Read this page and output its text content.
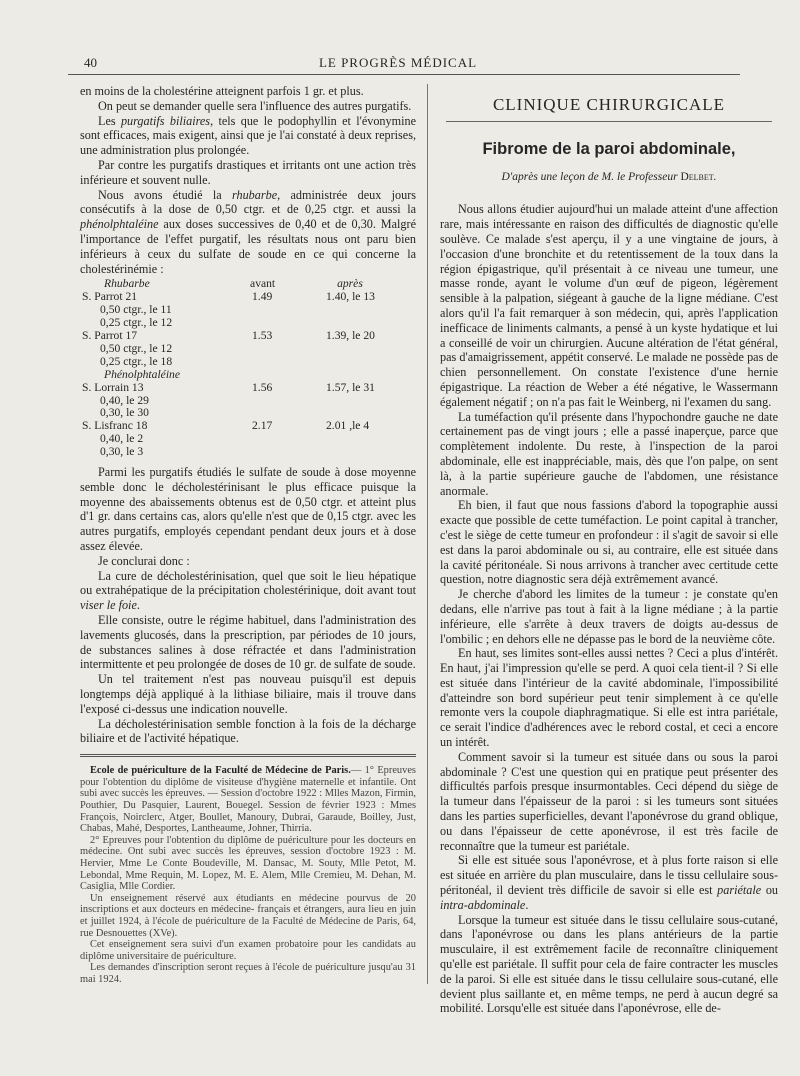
40	LE PROGRÈS MÉDICAL

en moins de la cholestérine atteignent parfois 1 gr. et plus.

On peut se demander quelle sera l'influence des autres purgatifs.

Les purgatifs biliaires, tels que le podophyllin et l'évonymine sont efficaces, mais exigent, ainsi que je l'ai constaté à deux reprises, une administration plus prolongée.

Par contre les purgatifs drastiques et irritants ont une action très inférieure et souvent nulle.

Nous avons étudié la rhubarbe, administrée deux jours consécutifs à la dose de 0,50 ctgr. et de 0,25 ctgr. et aussi la phénolphtaléine aux doses successives de 0,40 et de 0,30. Malgré l'importance de l'effet purgatif, les résultats nous ont paru bien inférieurs à ceux du sulfate de soude en ce qui concerne la cholestérinémie :

Rhubarbe	avant	après
S. Parrot 21	1.49	1.40, le 13
0,50 ctgr., le 11
0,25 ctgr., le 12
S. Parrot 17	1.53	1.39, le 20
0,50 ctgr., le 12
0,25 ctgr., le 18
Phénolphtaléine
S. Lorrain 13	1.56	1.57, le 31
0,40, le 29
0,30, le 30
S. Lisfranc 18	2.17	2.01 ,le 4
0,40, le 2
0,30, le 3

Parmi les purgatifs étudiés le sulfate de soude à dose moyenne semble donc le décholestérinisant le plus efficace puisque la moyenne des abaissements obtenus est de 0,50 ctgr. et atteint plus d'1 gr. dans certains cas, alors qu'elle n'est que de 0,15 ctgr. avec les autres purgatifs, employés cependant pendant deux jours et à dose assez élevée.

Je conclurai donc :

La cure de décholestérinisation, quel que soit le lieu hépatique ou extrahépatique de la précipitation cholestérinique, doit avant tout viser le foie.

Elle consiste, outre le régime habituel, dans l'administration des lavements glucosés, dans la prescription, par périodes de 10 jours, de substances salines à dose réfractée et dans l'administration intermittente et peu prolongée de doses de 10 gr. de sulfate de soude.

Un tel traitement n'est pas nouveau puisqu'il est depuis longtemps déjà appliqué à la lithiase biliaire, mais il trouve dans l'exposé ci-dessus une indication nouvelle.

La décholestérinisation semble fonction à la fois de la décharge biliaire et de l'activité hépatique.

Ecole de puériculture de la Faculté de Médecine de Paris.— 1° Epreuves pour l'obtention du diplôme de visiteuse d'hygiène maternelle et infantile. Ont subi avec succès les épreuves. — Session d'octobre 1922 : Mlles Mazon, Firmin, Pouthier, Du Pasquier, Laurent, Bouegel. Session de février 1923 : Mmes François, Noirclerc, Atger, Boullet, Manoury, Dubrai, Garaude, Boilley, Just, Chabas, Mahé, Desportes, Lantheaume, Johner, Thirria.

2° Epreuves pour l'obtention du diplôme de puériculture pour les docteurs en médecine. Ont subi avec succès les épreuves, session d'octobre 1923 : M. Hervier, Mme Le Conte Boudeville, M. Dansac, M. Souty, Mlle Petot, M. Lebondal, Mme Requin, M. Lopez, M. E. Alem, Mlle Cremieu, M. Dehan, M. Casiglia, Mlle Cordier.

Un enseignement réservé aux étudiants en médecine pourvus de 20 inscriptions et aux docteurs en médecine- français et étrangers, aura lieu en juin et juillet 1924, à l'école de puériculture de la Faculté de Médecine de Paris, 64, rue Desnouettes (XVe).

Cet enseignement sera suivi d'un examen probatoire pour les candidats au diplôme universitaire de puériculture.

Les demandes d'inscription seront reçues à l'école de puériculture jusqu'au 31 mai 1924.

CLINIQUE CHIRURGICALE
Fibrome de la paroi abdominale,
D'après une leçon de M. le Professeur Delbet.

Nous allons étudier aujourd'hui un malade atteint d'une affection rare, mais intéressante en raison des difficultés de diagnostic qu'elle soulève. Ce malade s'est aperçu, il y a une vingtaine de jours, à l'occasion d'une bronchite et du retentissement de la toux dans la région épigastrique, qu'il présentait à ce niveau une tumeur, une masse ronde, ayant le volume d'un œuf de pigeon, légèrement sensible à la palpation, siégeant à gauche de la ligne médiane. C'est alors qu'il l'a fait remarquer à son médecin, qui, après l'application inefficace de liniments calmants, a pensé à un kyste hydatique et lui a conseillé de voir un chirurgien. Aucune altération de l'état général, pas d'amaigrissement, appétit conservé. Le malade ne possède pas de chien personnellement. On constate l'existence d'une hernie épigastrique. La réaction de Weber a été négative, le Wassermann également négatif ; on n'a pas fait le Weinberg, ni l'examen du sang.

La tuméfaction qu'il présente dans l'hypochondre gauche ne date certainement pas de vingt jours ; elle a passé inaperçue, parce que complètement indolente. Du reste, à l'inspection de la paroi abdominale, elle est inappréciable, mais, dès que l'on palpe, on sent là, à la partie supérieure gauche de l'abdomen, une résistance anormale.

Eh bien, il faut que nous fassions d'abord la topographie aussi exacte que possible de cette tuméfaction. Le point capital à trancher, c'est le siège de cette tumeur en profondeur : il s'agit de savoir si elle est dans la paroi abdominale ou si, au contraire, elle est située dans la cavité péritonéale. Si nous arrivons à trancher avec certitude cette question, notre diagnostic sera déjà extrêmement avancé.

Je cherche d'abord les limites de la tumeur : je constate qu'en dedans, elle n'arrive pas tout à fait à la ligne médiane ; à la partie inférieure, elle s'arrête à deux travers de doigts au-dessus de l'ombilic ; en dehors elle ne dépasse pas le bord de la neuvième côte.

En haut, ses limites sont-elles aussi nettes ? Ceci a plus d'intérêt. En haut, j'ai l'impression qu'elle se perd. A quoi cela tient-il ? Si elle est située dans l'intérieur de la cavité abdominale, l'impossibilité d'atteindre son bord supérieur peut tenir simplement à ce qu'elle remonte vers la coupole diaphragmatique. Si elle est intra pariétale, ce serait l'indice d'adhérences avec le rebord costal, et ceci a encore un intérêt.

Comment savoir si la tumeur est située dans ou sous la paroi abdominale ? C'est une question qui en pratique peut présenter des difficultés parfois presque insurmontables. Ceci dépend du siège de la tumeur dans l'épaisseur de la paroi : si les tumeurs sont situées dans les parties superficielles, devant l'aponévrose du grand oblique, ou dans l'épaisseur de cette aponévrose, il est très facile de reconnaître que la tumeur est pariétale.

Si elle est située sous l'aponévrose, et à plus forte raison si elle est située en arrière du plan musculaire, dans le tissu cellulaire sous-péritonéal, il devient très difficile de savoir si elle est pariétale ou intra-abdominale.

Lorsque la tumeur est située dans le tissu cellulaire sous-cutané, dans l'aponévrose ou dans les plans antérieurs de la partie musculaire, il est extrêmement facile de reconnaître cliniquement qu'elle est pariétale. Il suffit pour cela de faire contracter les muscles de la paroi. Si elle est située dans le tissu cellulaire sous-cutané, elle devient plus saillante et, en même temps, ne perd à aucun degré sa mobilité. Lorsqu'elle est située dans l'aponévrose, elle de-
